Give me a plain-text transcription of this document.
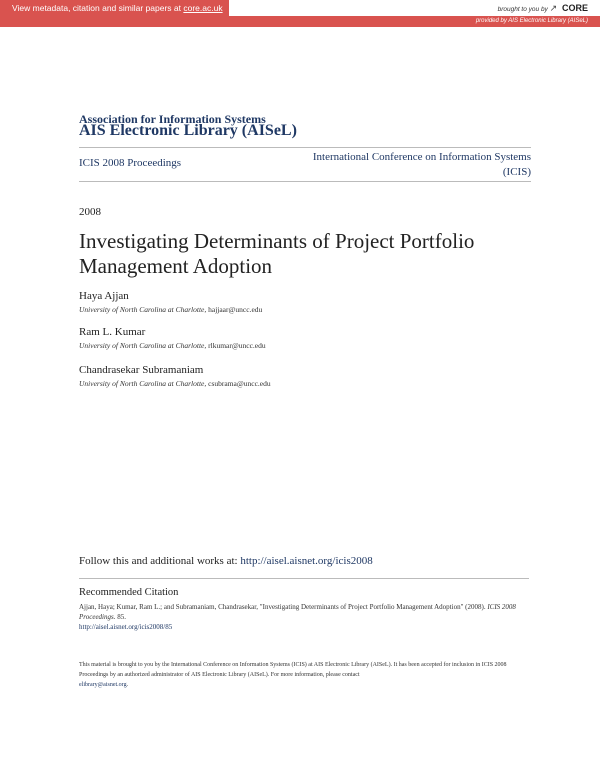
View metadata, citation and similar papers at core.ac.uk	brought to you by ↗ CORE
provided by AIS Electronic Library (AISeL)
Association for Information Systems
AIS Electronic Library (AISeL)
ICIS 2008 Proceedings	International Conference on Information Systems
(ICIS)
2008
Investigating Determinants of Project Portfolio Management Adoption
Haya Ajjan
University of North Carolina at Charlotte, hajjaar@uncc.edu
Ram L. Kumar
University of North Carolina at Charlotte, rlkumar@uncc.edu
Chandrasekar Subramaniam
University of North Carolina at Charlotte, csubrama@uncc.edu
Follow this and additional works at: http://aisel.aisnet.org/icis2008
Recommended Citation
Ajjan, Haya; Kumar, Ram L.; and Subramaniam, Chandrasekar, "Investigating Determinants of Project Portfolio Management Adoption" (2008). ICIS 2008 Proceedings. 85.
http://aisel.aisnet.org/icis2008/85
This material is brought to you by the International Conference on Information Systems (ICIS) at AIS Electronic Library (AISeL). It has been accepted for inclusion in ICIS 2008 Proceedings by an authorized administrator of AIS Electronic Library (AISeL). For more information, please contact
elibrary@aisnet.org.
